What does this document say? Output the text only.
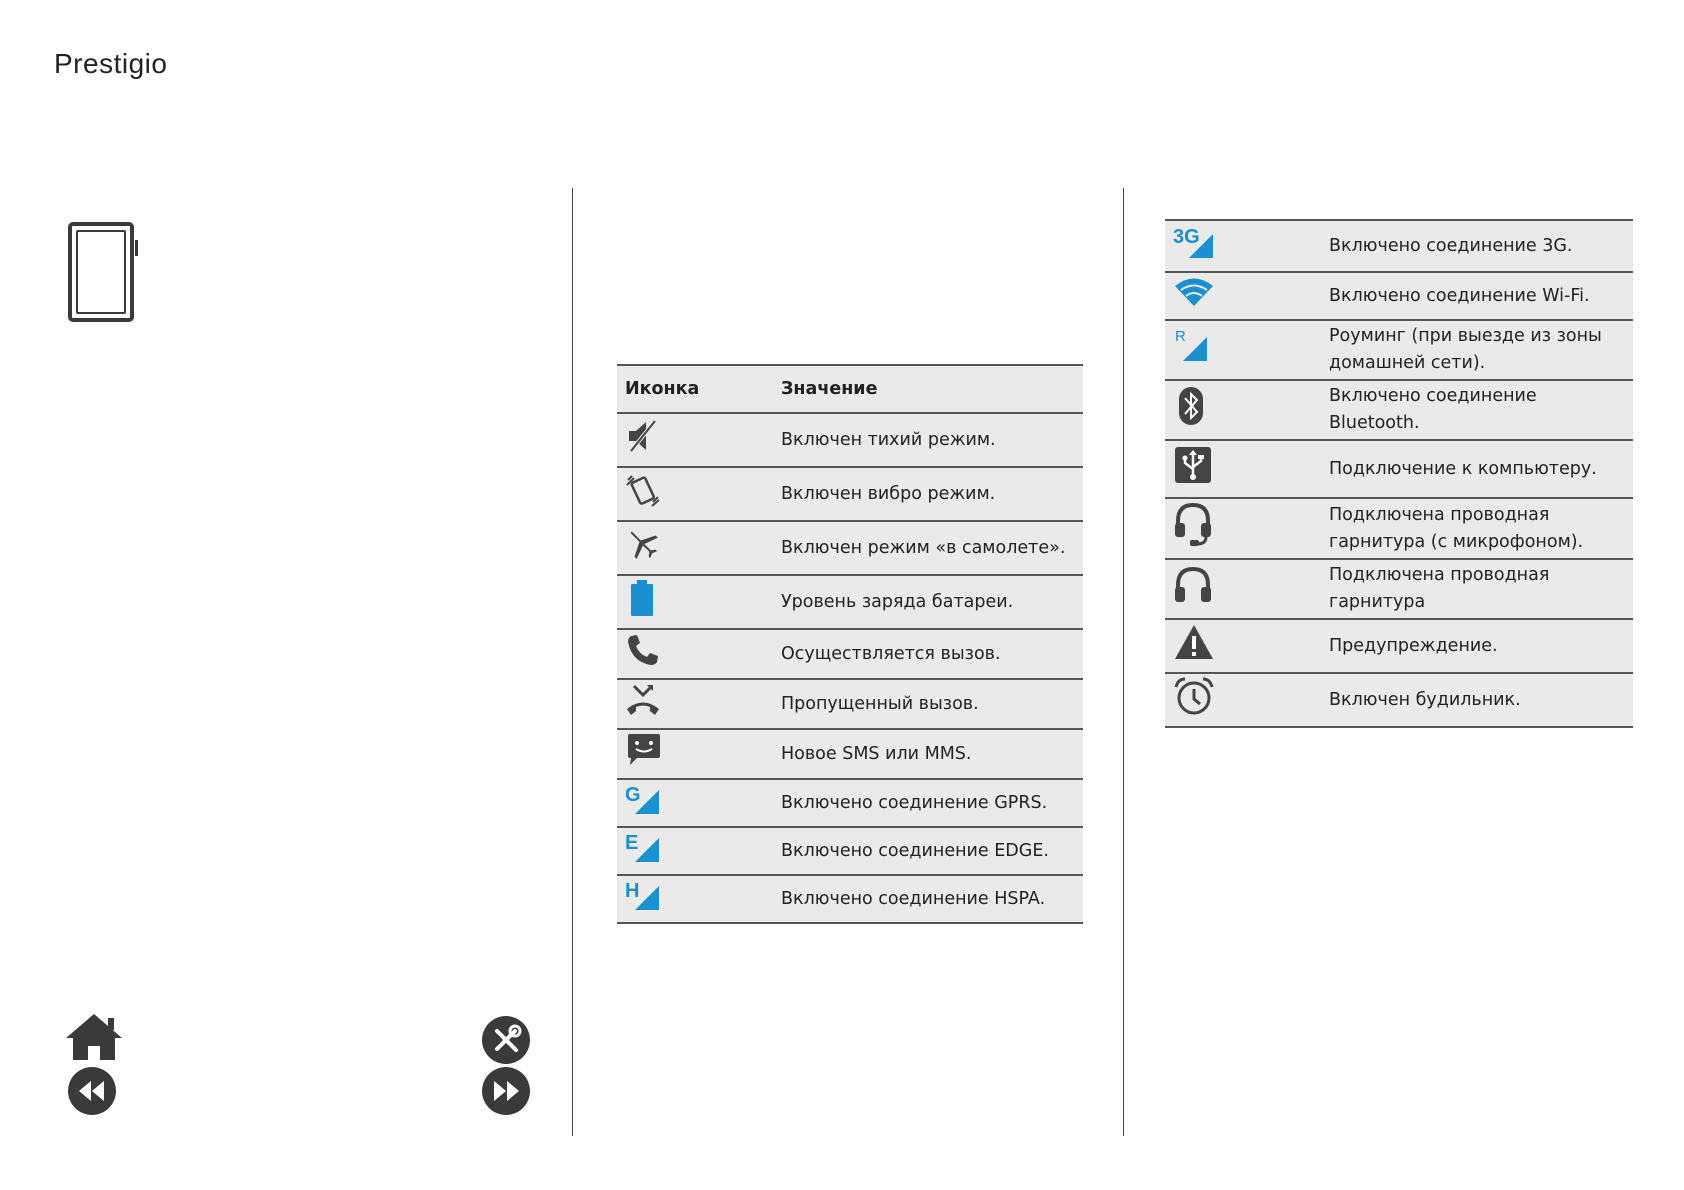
Prestigio
Иконка	Значение
	Включен тихий режим.
	Включен вибро режим.
	Включен режим «в самолете».
	Уровень заряда батареи.
	Осуществляется вызов.
	Пропущенный вызов.
	Новое SMS или MMS.

G	Включено соединение GPRS.

E	Включено соединение EDGE.

H	Включено соединение HSPA.
3G	Включено соединение 3G.
	Включено соединение Wi-Fi.

R	Роуминг (при выезде из зоны домашней сети).
	Включено соединение Bluetooth.
	Подключение к компьютеру.
	Подключена проводная гарнитура (с микрофоном).
	Подключена проводная гарнитура
	Предупреждение.
	Включен будильник.
